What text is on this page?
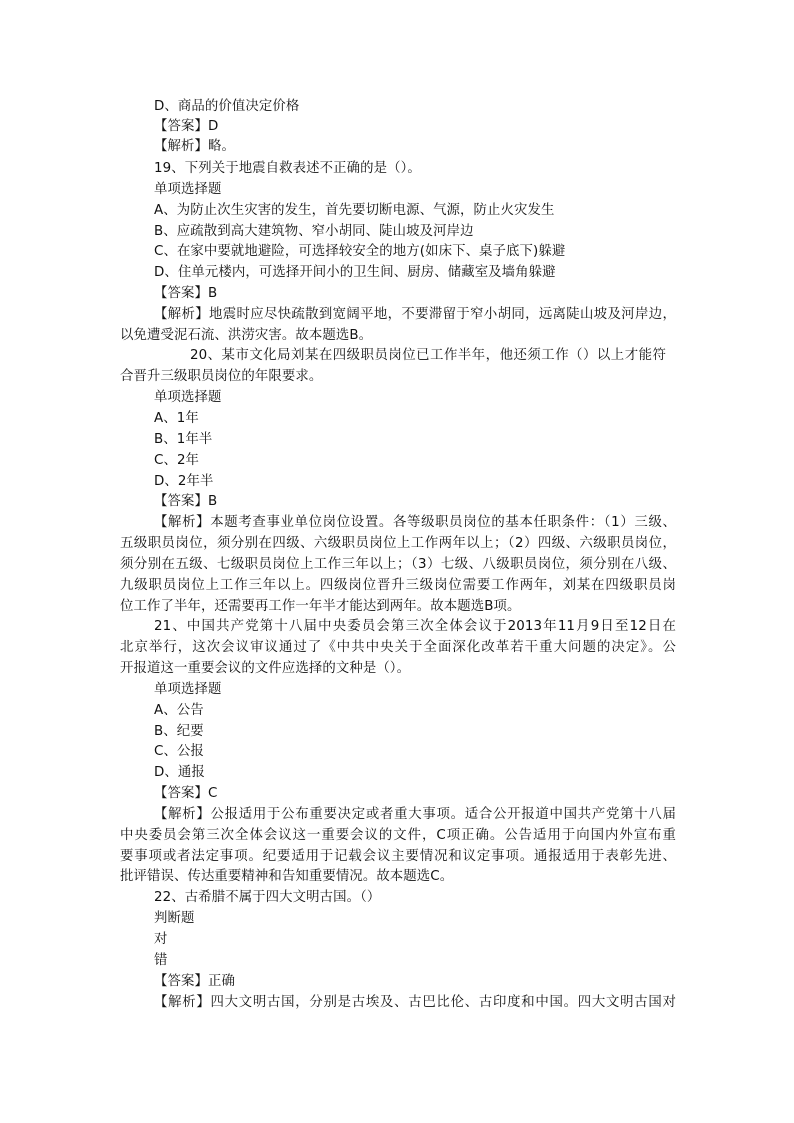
D、商品的价值决定价格
【答案】D
【解析】略。
19、下列关于地震自救表述不正确的是（）。
单项选择题
A、为防止次生灾害的发生，首先要切断电源、气源，防止火灾发生
B、应疏散到高大建筑物、窄小胡同、陡山坡及河岸边
C、在家中要就地避险，可选择较安全的地方(如床下、桌子底下)躲避
D、住单元楼内，可选择开间小的卫生间、厨房、储藏室及墙角躲避
【答案】B
【解析】地震时应尽快疏散到宽阔平地，不要滞留于窄小胡同，远离陡山坡及河岸边，
以免遭受泥石流、洪涝灾害。故本题选B。
20、某市文化局刘某在四级职员岗位已工作半年，他还须工作（）以上才能符
合晋升三级职员岗位的年限要求。
单项选择题
A、1年
B、1年半
C、2年
D、2年半
【答案】B
【解析】本题考查事业单位岗位设置。各等级职员岗位的基本任职条件：（1）三级、
五级职员岗位，须分别在四级、六级职员岗位上工作两年以上；（2）四级、六级职员岗位，
须分别在五级、七级职员岗位上工作三年以上；（3）七级、八级职员岗位，须分别在八级、
九级职员岗位上工作三年以上。四级岗位晋升三级岗位需要工作两年，刘某在四级职员岗
位工作了半年，还需要再工作一年半才能达到两年。故本题选B项。
21、中国共产党第十八届中央委员会第三次全体会议于2013年11月9日至12日在
北京举行，这次会议审议通过了《中共中央关于全面深化改革若干重大问题的决定》。公
开报道这一重要会议的文件应选择的文种是（）。
单项选择题
A、公告
B、纪要
C、公报
D、通报
【答案】C
【解析】公报适用于公布重要决定或者重大事项。适合公开报道中国共产党第十八届
中央委员会第三次全体会议这一重要会议的文件，C项正确。公告适用于向国内外宣布重
要事项或者法定事项。纪要适用于记载会议主要情况和议定事项。通报适用于表彰先进、
批评错误、传达重要精神和告知重要情况。故本题选C。
22、古希腊不属于四大文明古国。（）
判断题
对
错
【答案】正确
【解析】四大文明古国，分别是古埃及、古巴比伦、古印度和中国。四大文明古国对
